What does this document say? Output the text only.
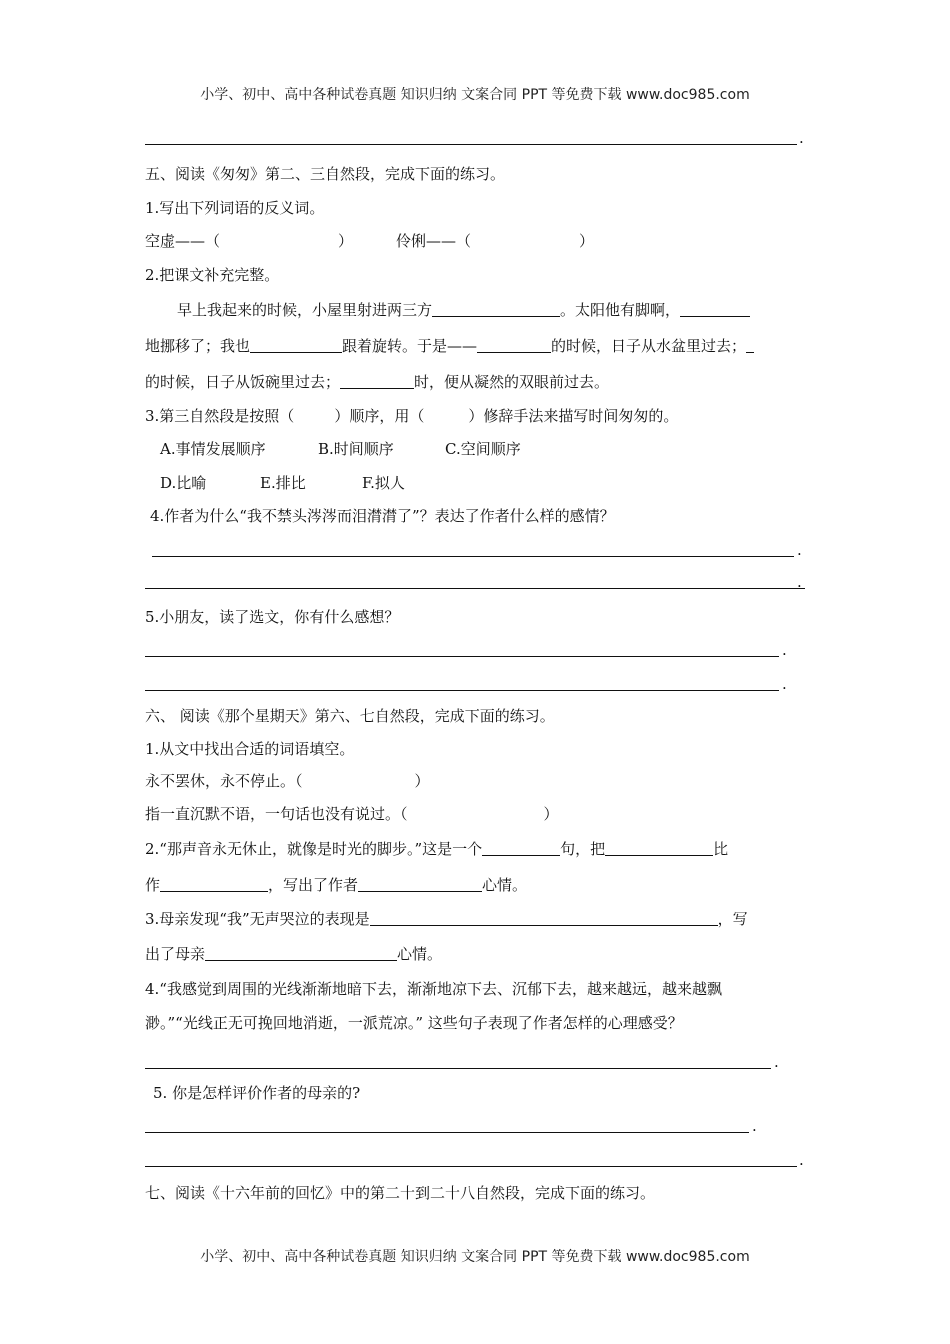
小学、初中、高中各种试卷真题 知识归纳 文案合同 PPT 等免费下载 www.doc985.com
.
五、阅读《匆匆》第二、三自然段，完成下面的练习。
1.写出下列词语的反义词。
空虚——（	）	伶俐——（	）
2.把课文补充完整。
早上我起来的时候，小屋里射进两三方	。太阳他有脚啊，
地挪移了；我也	跟着旋转。于是——	的时候，日子从水盆里过去；
的时候，日子从饭碗里过去；	时，便从凝然的双眼前过去。
3.第三自然段是按照（	）顺序，用（	）修辞手法来描写时间匆匆的。
A.事情发展顺序	B.时间顺序	C.空间顺序
D.比喻	E.排比	F.拟人
4.作者为什么“我不禁头涔涔而泪潸潸了”？表达了作者什么样的感情？
.
.
5.小朋友，读了选文，你有什么感想？
.
.
六、 阅读《那个星期天》第六、七自然段，完成下面的练习。
1.从文中找出合适的词语填空。
永不罢休，永不停止。（	）
指一直沉默不语，一句话也没有说过。（	）
2.“那声音永无休止，就像是时光的脚步。”这是一个	句，把	比
作	，写出了作者	心情。
3.母亲发现“我”无声哭泣的表现是	，写
出了母亲	心情。
4.“我感觉到周围的光线渐渐地暗下去，渐渐地凉下去、沉郁下去，越来越远，越来越飘
渺。”“光线正无可挽回地消逝，一派荒凉。” 这些句子表现了作者怎样的心理感受？
.
5. 你是怎样评价作者的母亲的?
.
.
七、阅读《十六年前的回忆》中的第二十到二十八自然段，完成下面的练习。
小学、初中、高中各种试卷真题 知识归纳 文案合同 PPT 等免费下载 www.doc985.com
